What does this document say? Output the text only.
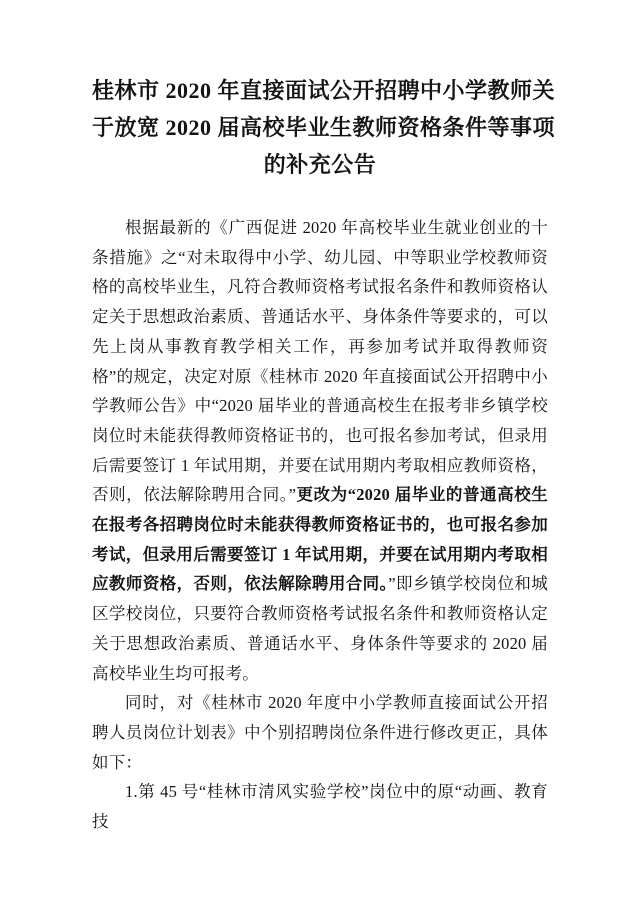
桂林市 2020 年直接面试公开招聘中小学教师关
于放宽 2020 届高校毕业生教师资格条件等事项
的补充公告

根据最新的《广西促进 2020 年高校毕业生就业创业的十条措施》之“对未取得中小学、幼儿园、中等职业学校教师资格的高校毕业生，凡符合教师资格考试报名条件和教师资格认定关于思想政治素质、普通话水平、身体条件等要求的，可以先上岗从事教育教学相关工作，再参加考试并取得教师资格”的规定，决定对原《桂林市 2020 年直接面试公开招聘中小学教师公告》中“2020 届毕业的普通高校生在报考非乡镇学校岗位时未能获得教师资格证书的，也可报名参加考试，但录用后需要签订 1 年试用期，并要在试用期内考取相应教师资格，否则，依法解除聘用合同。”更改为“2020 届毕业的普通高校生在报考各招聘岗位时未能获得教师资格证书的，也可报名参加考试，但录用后需要签订 1 年试用期，并要在试用期内考取相应教师资格，否则，依法解除聘用合同。”即乡镇学校岗位和城区学校岗位，只要符合教师资格考试报名条件和教师资格认定关于思想政治素质、普通话水平、身体条件等要求的 2020 届高校毕业生均可报考。

同时，对《桂林市 2020 年度中小学教师直接面试公开招聘人员岗位计划表》中个别招聘岗位条件进行修改更正，具体如下：

1.第 45 号“桂林市清风实验学校”岗位中的原“动画、教育技
